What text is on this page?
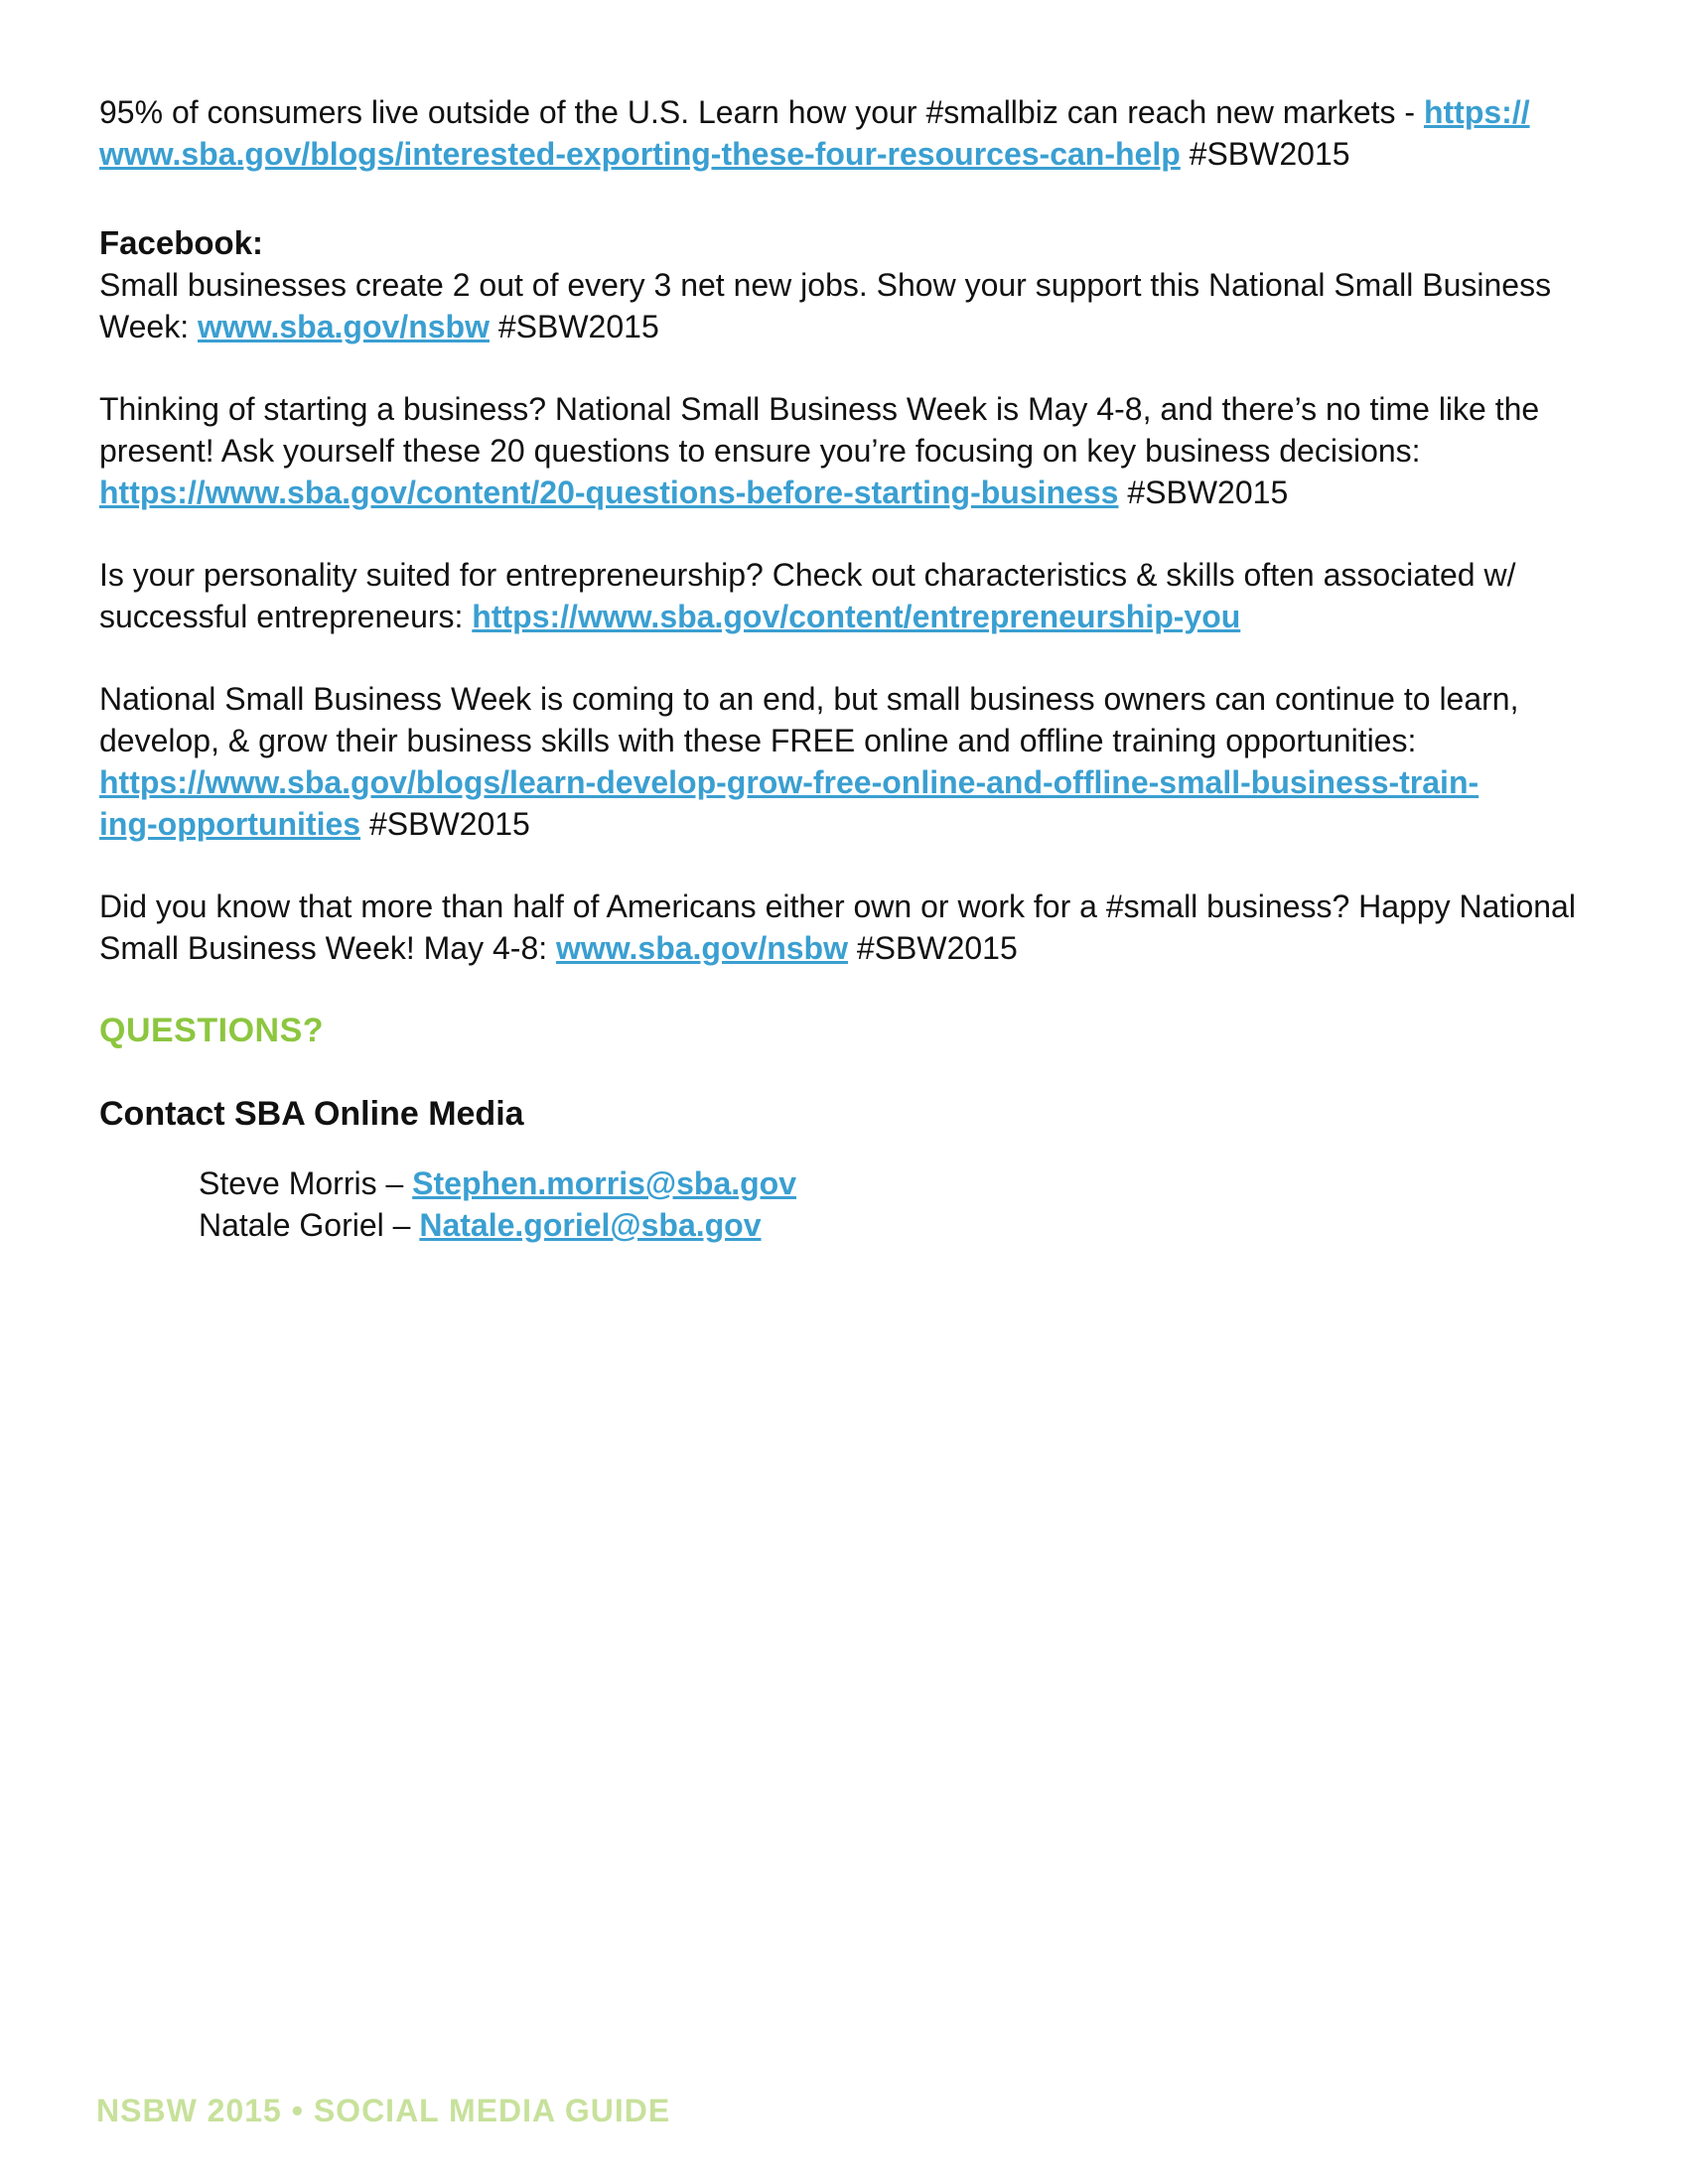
95% of consumers live outside of the U.S. Learn how your #smallbiz can reach new markets - https://
www.sba.gov/blogs/interested-exporting-these-four-resources-can-help #SBW2015

Facebook:

Small businesses create 2 out of every 3 net new jobs. Show your support this National Small Business Week: www.sba.gov/nsbw #SBW2015

Thinking of starting a business? National Small Business Week is May 4-8, and there’s no time like the present! Ask yourself these 20 questions to ensure you’re focusing on key business decisions: https://www.sba.gov/content/20-questions-before-starting-business #SBW2015

Is your personality suited for entrepreneurship? Check out characteristics & skills often associated w/ successful entrepreneurs: https://www.sba.gov/content/entrepreneurship-you

National Small Business Week is coming to an end, but small business owners can continue to learn, develop, & grow their business skills with these FREE online and offline training opportunities: https://www.sba.gov/blogs/learn-develop-grow-free-online-and-offline-small-business-train-
ing-opportunities #SBW2015

Did you know that more than half of Americans either own or work for a #small business? Happy National Small Business Week! May 4-8: www.sba.gov/nsbw #SBW2015

QUESTIONS?

Contact SBA Online Media

Steve Morris – Stephen.morris@sba.gov

Natale Goriel – Natale.goriel@sba.gov

NSBW 2015 • SOCIAL MEDIA GUIDE
